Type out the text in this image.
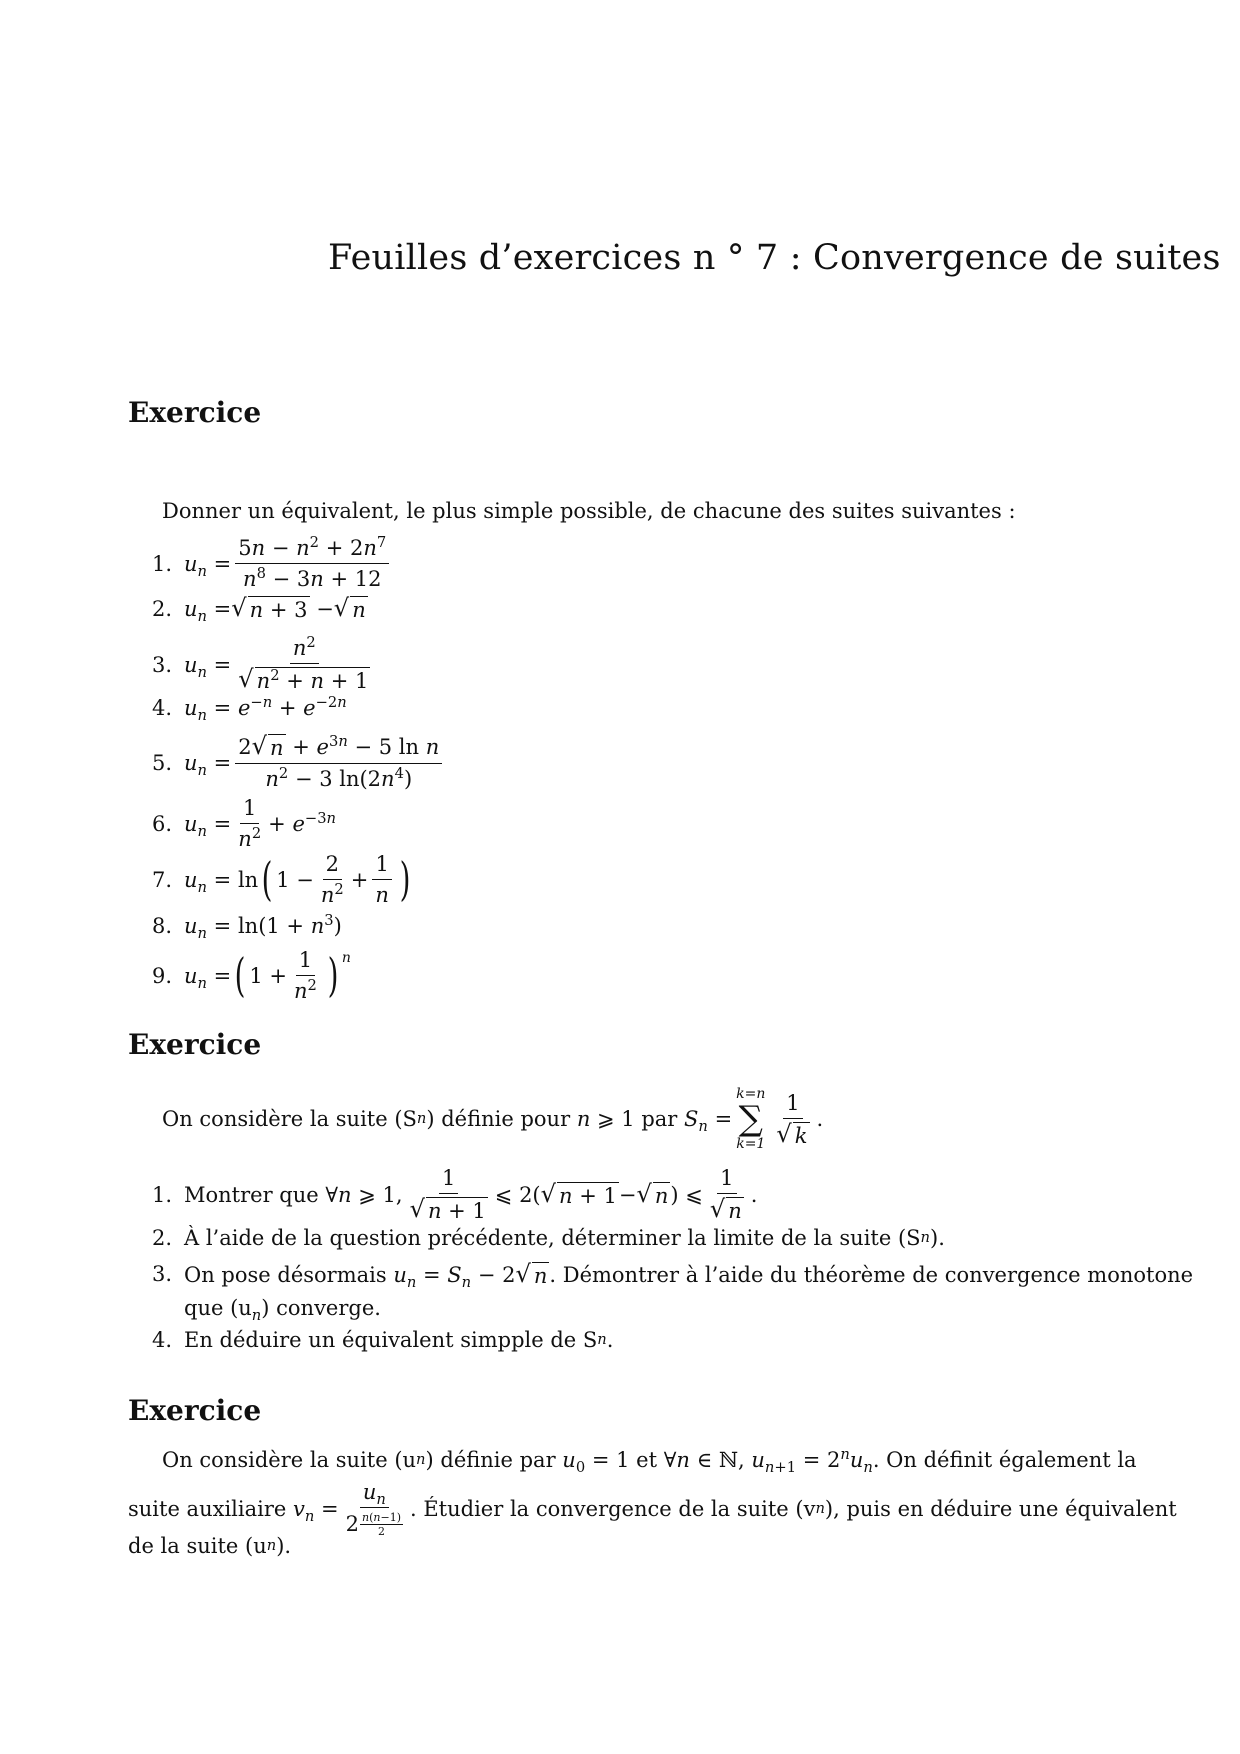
Feuilles d’exercices n ° 7 : Convergence de suites
Exercice
Donner un équivalent, le plus simple possible, de chacune des suites suivantes :
1. $u_n = \frac{5n - n^2 + 2n^7}{n^8 - 3n + 12}$
2. $u_n$ = √ n + 3 − √ n
3. $u_n = \frac{n^2}{√ n^2 + n + 1}$
4. $u_n = e^{-n} + e^{-2n}$
5. $u_n = \frac{2 √ n + e^{3n} - 5 \ln n}{n^2 - 3 \ln(2n^4)}$
6. $u_n = \frac{1}{n^2} + e^{-3n}$
7. $u_n = \ln$ ( $1 - \frac{2}{n^2} + \frac{1}{n}$ )
8. $u_n = \ln(1 + n^3)$
9. $u_n$ = ( $1 + \frac{1}{n^2}$ ) n
Exercice
On considère la suite (S n ) définie pour n ⩾ 1 par $S_n$ =
k=n
∑
$k=1 \frac{1}{√ k}$ .
1. Montrer que ∀n ⩾ 1, $\frac{1}{√ n + 1}$ ⩽ 2( √ n + 1 − √ n ) ⩽ $\frac{1}{√ n}$ .
2. À l’aide de la question précédente, déterminer la limite de la suite (S n ).
3. On pose désormais $u_n = S_n - 2$ √ n . Démontrer à l’aide du théorème de convergence monotone
que $(u_n)$ converge.
4. En déduire un équivalent simpple de S n .
Exercice
On considère la suite (u n ) définie par $u_0 = 1$ et ∀n ∈ ℕ, $u_{n+1} = 2^nu_n$ . On définit également la
suite auxiliaire $v_n = \frac{u_n}{2 \frac{n(n-1)}{2}}$ . Étudier la convergence de la suite (v n ), puis en déduire une équivalent
de la suite (u n ).
